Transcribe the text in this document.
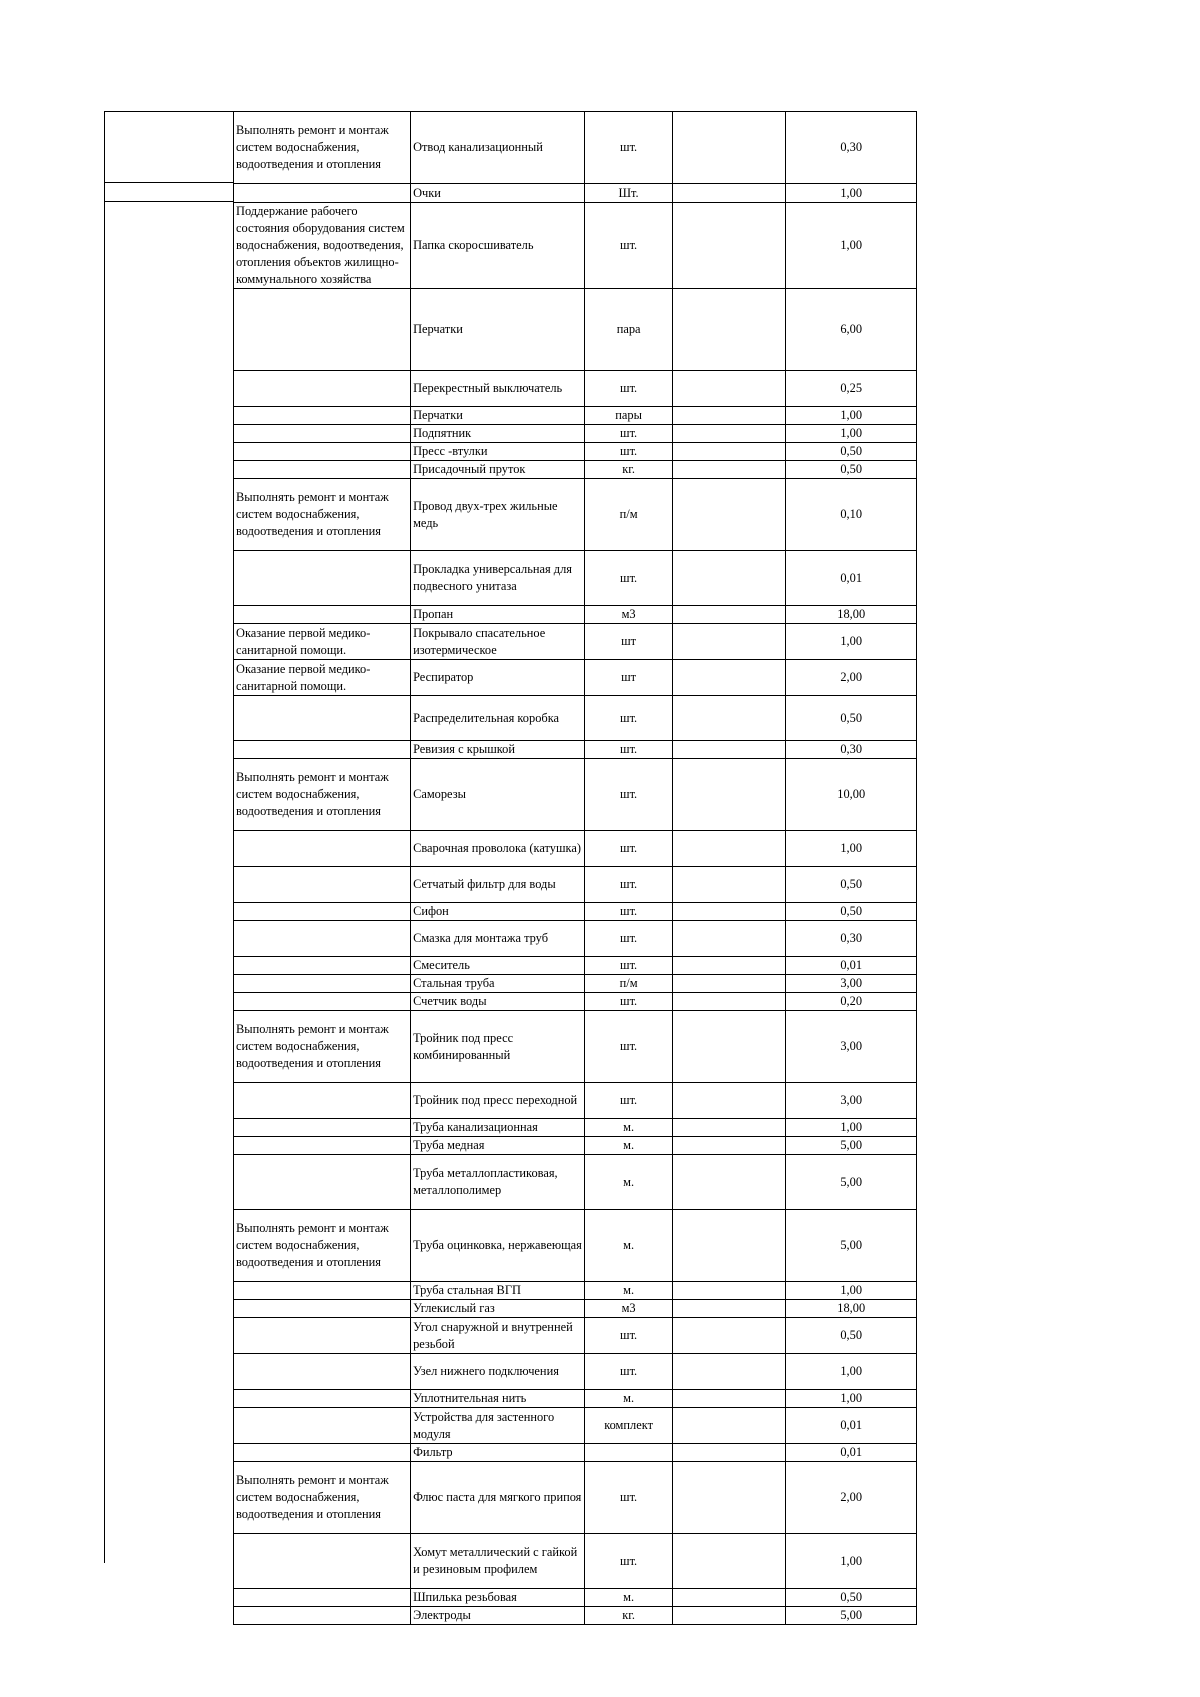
Выполнять ремонт и монтаж систем водоснабжения, водоотведения и отопления	Отвод канализационный	шт.		0,30
	Очки	Шт.		1,00
Поддержание рабочего состояния оборудования систем водоснабжения, водоотведения, отопления объектов жилищно-коммунального хозяйства	Папка скоросшиватель	шт.		1,00
	Перчатки	пара		6,00
	Перекрестный выключатель	шт.		0,25
	Перчатки	пары		1,00
	Подпятник	шт.		1,00
	Пресс -втулки	шт.		0,50
	Присадочный пруток	кг.		0,50
Выполнять ремонт и монтаж систем водоснабжения, водоотведения и отопления	Провод двух-трех жильные медь	п/м		0,10
	Прокладка универсальная для подвесного унитаза	шт.		0,01
	Пропан	м3		18,00
Оказание первой медико-санитарной помощи.	Покрывало спасательное изотермическое	шт		1,00
Оказание первой медико-санитарной помощи.	Респиратор	шт		2,00
	Распределительная коробка	шт.		0,50
	Ревизия с крышкой	шт.		0,30
Выполнять ремонт и монтаж систем водоснабжения, водоотведения и отопления	Саморезы	шт.		10,00
	Сварочная проволока (катушка)	шт.		1,00
	Сетчатый фильтр для воды	шт.		0,50
	Сифон	шт.		0,50
	Смазка для монтажа труб	шт.		0,30
	Смеситель	шт.		0,01
	Стальная труба	п/м		3,00
	Счетчик воды	шт.		0,20
Выполнять ремонт и монтаж систем водоснабжения, водоотведения и отопления	Тройник под пресс комбинированный	шт.		3,00
	Тройник под пресс переходной	шт.		3,00
	Труба канализационная	м.		1,00
	Труба медная	м.		5,00
	Труба металлопластиковая, металлополимер	м.		5,00
Выполнять ремонт и монтаж систем водоснабжения, водоотведения и отопления	Труба оцинковка, нержавеющая	м.		5,00
	Труба стальная ВГП	м.		1,00
	Углекислый газ	м3		18,00
	Угол снаружной и внутренней резьбой	шт.		0,50
	Узел нижнего подключения	шт.		1,00
	Уплотнительная нить	м.		1,00
	Устройства для застенного модуля	комплект		0,01
	Фильтр			0,01
Выполнять ремонт и монтаж систем водоснабжения, водоотведения и отопления	Флюс паста для мягкого припоя	шт.		2,00
	Хомут металлический с гайкой и резиновым профилем	шт.		1,00
	Шпилька резьбовая	м.		0,50
	Электроды	кг.		5,00
